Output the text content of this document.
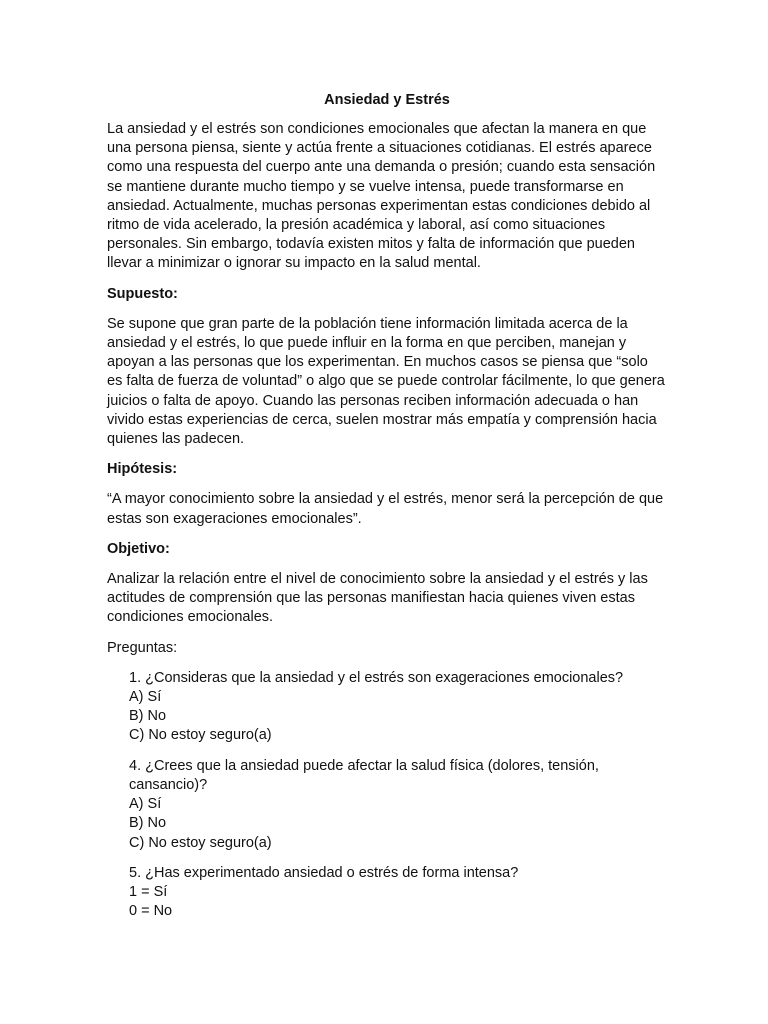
Ansiedad y Estrés

La ansiedad y el estrés son condiciones emocionales que afectan la manera en que una persona piensa, siente y actúa frente a situaciones cotidianas. El estrés aparece como una respuesta del cuerpo ante una demanda o presión; cuando esta sensación se mantiene durante mucho tiempo y se vuelve intensa, puede transformarse en ansiedad. Actualmente, muchas personas experimentan estas condiciones debido al ritmo de vida acelerado, la presión académica y laboral, así como situaciones personales. Sin embargo, todavía existen mitos y falta de información que pueden llevar a minimizar o ignorar su impacto en la salud mental.

Supuesto:

Se supone que gran parte de la población tiene información limitada acerca de la ansiedad y el estrés, lo que puede influir en la forma en que perciben, manejan y apoyan a las personas que los experimentan. En muchos casos se piensa que “solo es falta de fuerza de voluntad” o algo que se puede controlar fácilmente, lo que genera juicios o falta de apoyo. Cuando las personas reciben información adecuada o han vivido estas experiencias de cerca, suelen mostrar más empatía y comprensión hacia quienes las padecen.

Hipótesis:

“A mayor conocimiento sobre la ansiedad y el estrés, menor será la percepción de que estas son exageraciones emocionales”.

Objetivo:

Analizar la relación entre el nivel de conocimiento sobre la ansiedad y el estrés y las actitudes de comprensión que las personas manifiestan hacia quienes viven estas condiciones emocionales.

Preguntas:
1. ¿Consideras que la ansiedad y el estrés son exageraciones emocionales?
A) Sí
B) No
C) No estoy seguro(a)
4. ¿Crees que la ansiedad puede afectar la salud física (dolores, tensión, cansancio)?
A) Sí
B) No
C) No estoy seguro(a)
5. ¿Has experimentado ansiedad o estrés de forma intensa?
1 = Sí
0 = No
